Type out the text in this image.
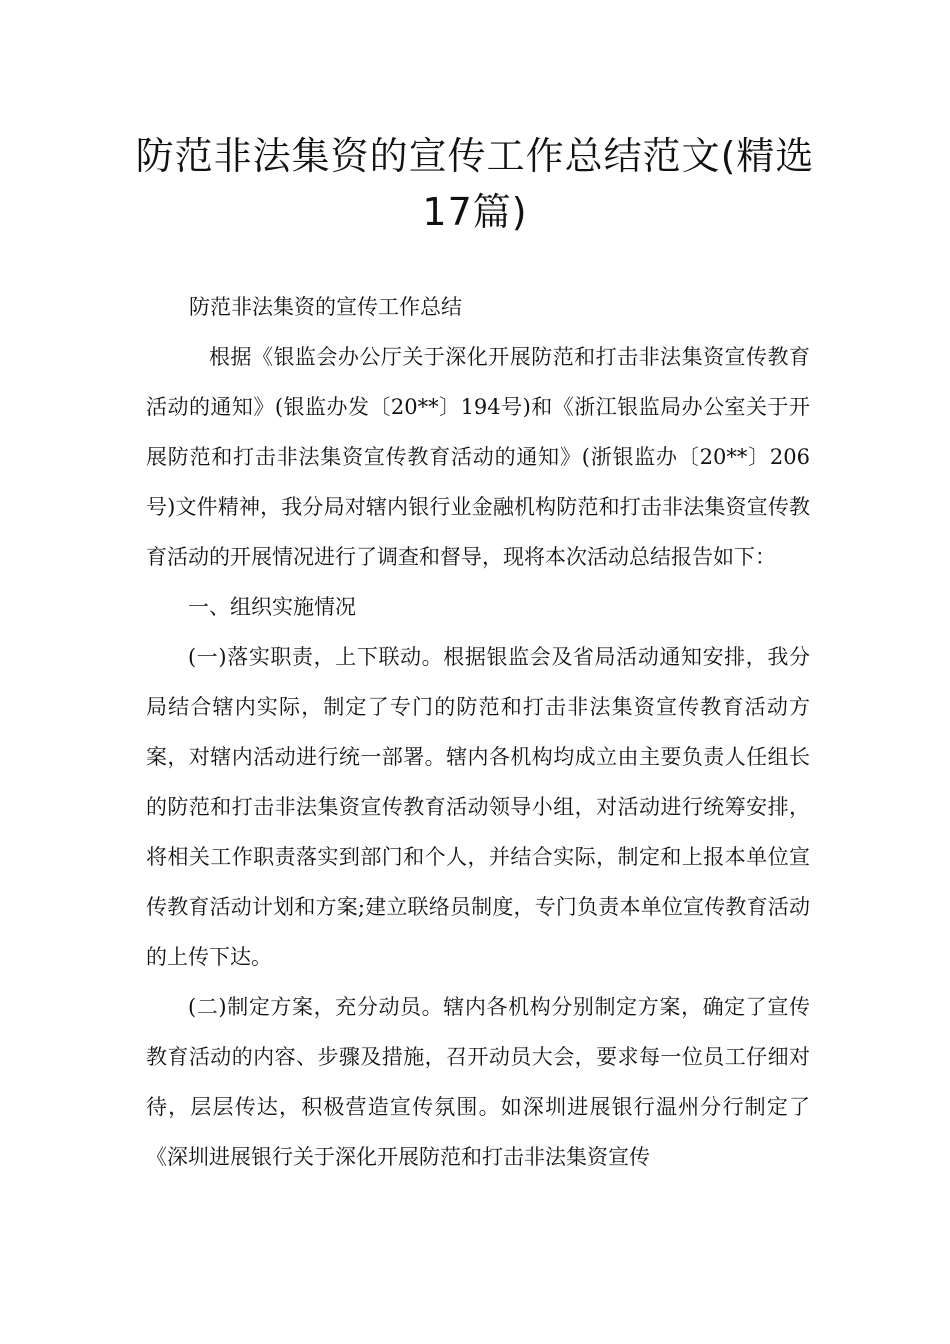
防范非法集资的宣传工作总结范文(精选17篇)

防范非法集资的宣传工作总结

根据《银监会办公厅关于深化开展防范和打击非法集资宣传教育活动的通知》(银监办发〔20**〕194号)和《浙江银监局办公室关于开展防范和打击非法集资宣传教育活动的通知》(浙银监办〔20**〕206号)文件精神，我分局对辖内银行业金融机构防范和打击非法集资宣传教育活动的开展情况进行了调查和督导，现将本次活动总结报告如下：

一、组织实施情况

(一)落实职责，上下联动。根据银监会及省局活动通知安排，我分局结合辖内实际，制定了专门的防范和打击非法集资宣传教育活动方案，对辖内活动进行统一部署。辖内各机构均成立由主要负责人任组长的防范和打击非法集资宣传教育活动领导小组，对活动进行统筹安排，将相关工作职责落实到部门和个人，并结合实际，制定和上报本单位宣传教育活动计划和方案;建立联络员制度，专门负责本单位宣传教育活动的上传下达。

(二)制定方案，充分动员。辖内各机构分别制定方案，确定了宣传教育活动的内容、步骤及措施，召开动员大会，要求每一位员工仔细对待，层层传达，积极营造宣传氛围。如深圳进展银行温州分行制定了《深圳进展银行关于深化开展防范和打击非法集资宣传
